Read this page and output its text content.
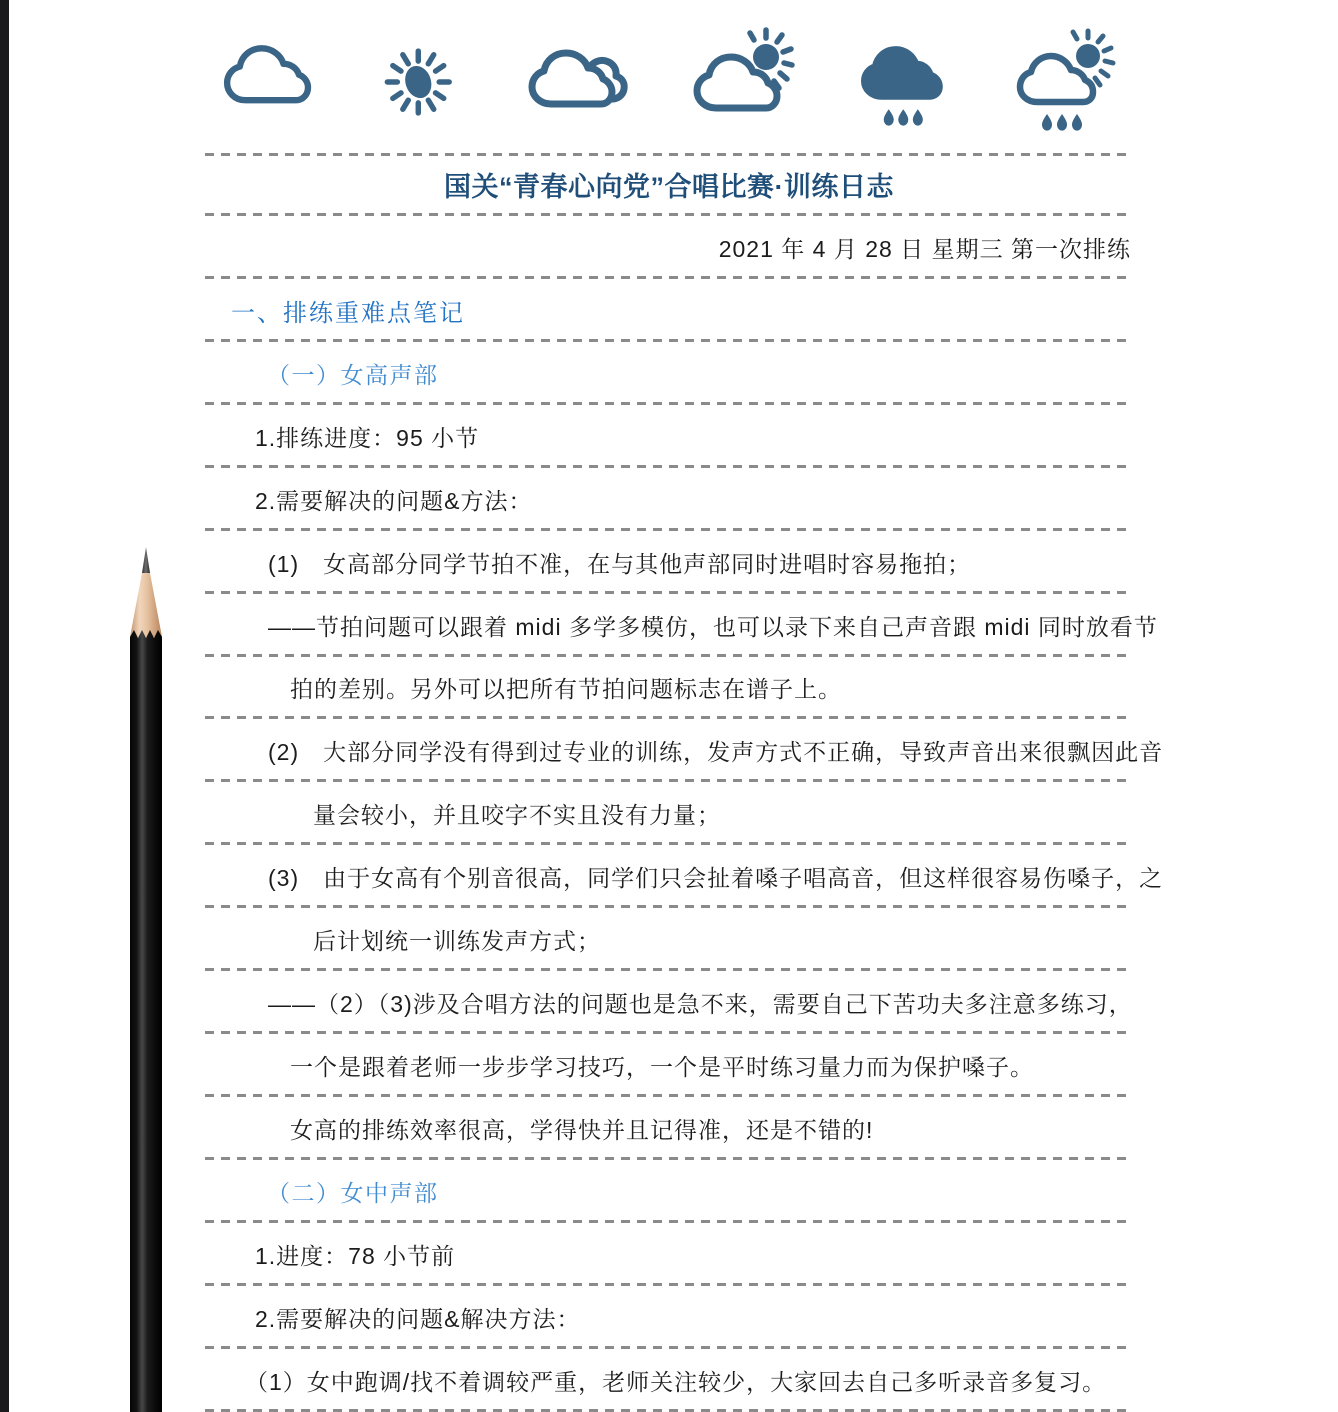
国关“青春心向党”合唱比赛·训练日志
2021 年 4 月 28 日 星期三 第一次排练
一、排练重难点笔记
（一）女高声部
1.排练进度：95 小节
2.需要解决的问题&方法：
(1)　女高部分同学节拍不准，在与其他声部同时进唱时容易拖拍；
——节拍问题可以跟着 midi 多学多模仿，也可以录下来自己声音跟 midi 同时放看节
拍的差别。另外可以把所有节拍问题标志在谱子上。
(2)　大部分同学没有得到过专业的训练，发声方式不正确，导致声音出来很飘因此音
量会较小，并且咬字不实且没有力量；
(3)　由于女高有个别音很高，同学们只会扯着嗓子唱高音，但这样很容易伤嗓子，之
后计划统一训练发声方式；
——（2）（3)涉及合唱方法的问题也是急不来，需要自己下苦功夫多注意多练习，
一个是跟着老师一步步学习技巧，一个是平时练习量力而为保护嗓子。
女高的排练效率很高，学得快并且记得准，还是不错的!
（二）女中声部
1.进度：78 小节前
2.需要解决的问题&解决方法：
（1）女中跑调/找不着调较严重，老师关注较少，大家回去自己多听录音多复习。
